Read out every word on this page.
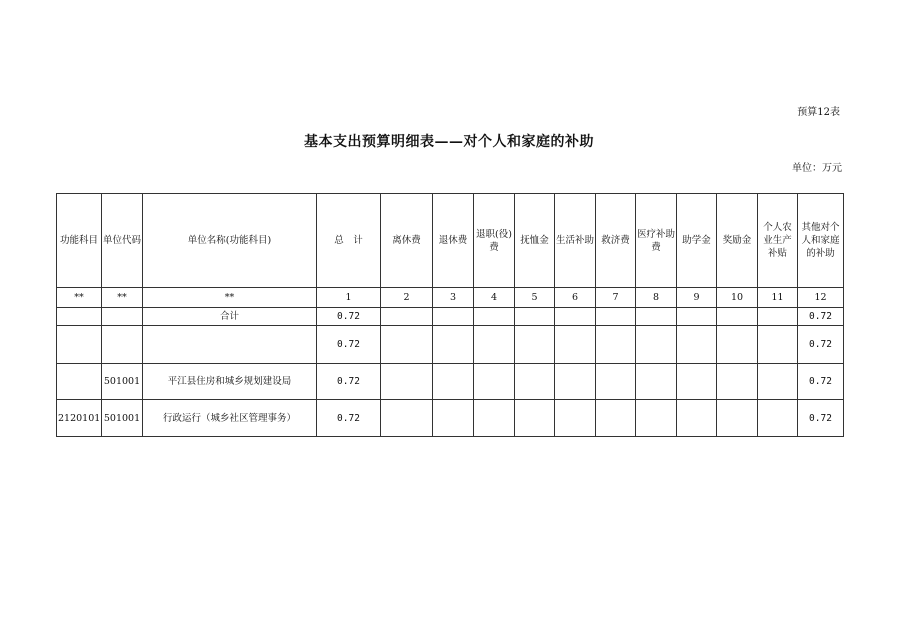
预算12表
基本支出预算明细表——对个人和家庭的补助
单位：万元
功能科目	单位代码	单位名称(功能科目)	总　计	离休费	退休费	退职(役)费	抚恤金	生活补助	救济费	医疗补助费	助学金	奖励金	个人农业生产补贴	其他对个人和家庭的补助
**	**	**	1	2	3	4	5	6	7	8	9	10	11	12
		合计	0.72											0.72
			0.72											0.72
	501001	平江县住房和城乡规划建设局	0.72											0.72
2120101	501001	行政运行（城乡社区管理事务）	0.72											0.72
